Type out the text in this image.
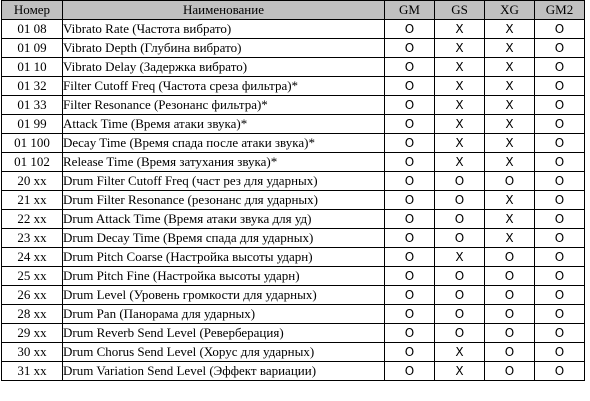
Номер	Наименование	GM	GS	XG	GM2
01 08	Vibrato Rate (Частота вибрато)	O	X	X	O
01 09	Vibrato Depth (Глубина вибрато)	O	X	X	O
01 10	Vibrato Delay (Задержка вибрато)	O	X	X	O
01 32	Filter Cutoff Freq (Частота среза фильтра)*	O	X	X	O
01 33	Filter Resonance (Резонанс фильтра)*	O	X	X	O
01 99	Attack Time (Время атаки звука)*	O	X	X	O
01 100	Decay Time (Время спада после атаки звука)*	O	X	X	O
01 102	Release Time (Время затухания звука)*	O	X	X	O
20 xx	Drum Filter Cutoff Freq (част рез для ударных)	O	O	O	O
21 xx	Drum Filter Resonance (резонанс для ударных)	O	O	X	O
22 xx	Drum Attack Time (Время атаки звука для уд)	O	O	X	O
23 xx	Drum Decay Time (Время спада для ударных)	O	O	X	O
24 xx	Drum Pitch Coarse (Настройка высоты ударн)	O	X	O	O
25 xx	Drum Pitch Fine (Настройка высоты ударн)	O	O	O	O
26 xx	Drum Level (Уровень громкости для ударных)	O	O	O	O
28 xx	Drum Pan (Панорама для ударных)	O	O	O	O
29 xx	Drum Reverb Send Level (Реверберация)	O	O	O	O
30 xx	Drum Chorus Send Level (Хорус для ударных)	O	X	O	O
31 xx	Drum Variation Send Level (Эффект вариации)	O	X	O	O
